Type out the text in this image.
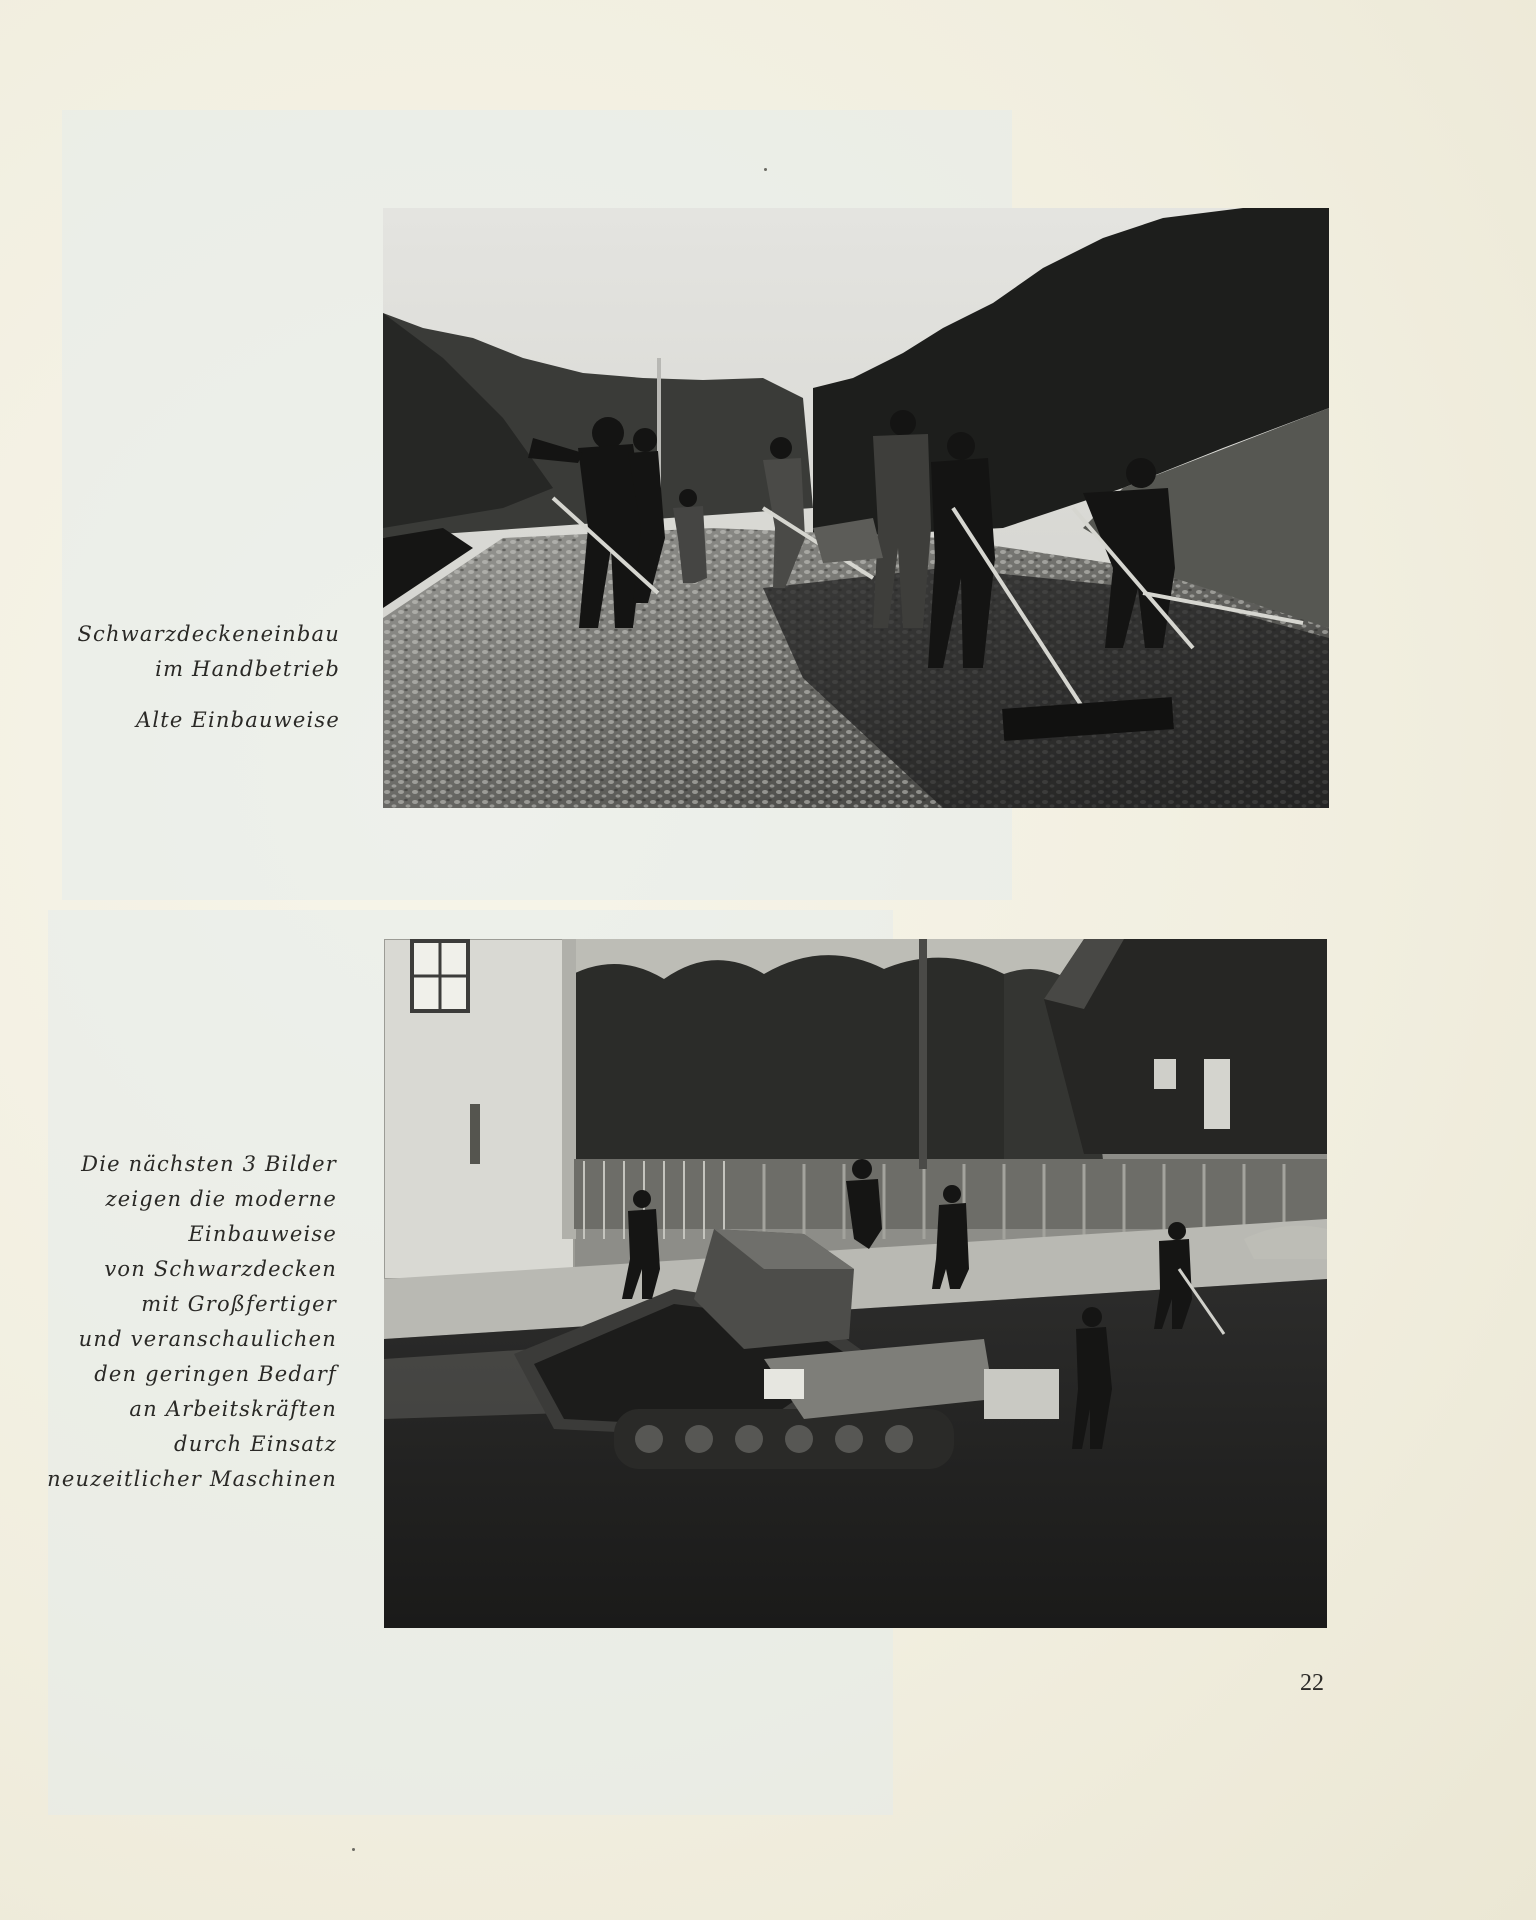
Schwarzdeckeneinbau

im Handbetrieb

Alte Einbauweise

Die nächsten 3 Bilder

zeigen die moderne

Einbauweise

von Schwarzdecken

mit Großfertiger

und veranschaulichen

den geringen Bedarf

an Arbeitskräften

durch Einsatz

neuzeitlicher Maschinen

22
